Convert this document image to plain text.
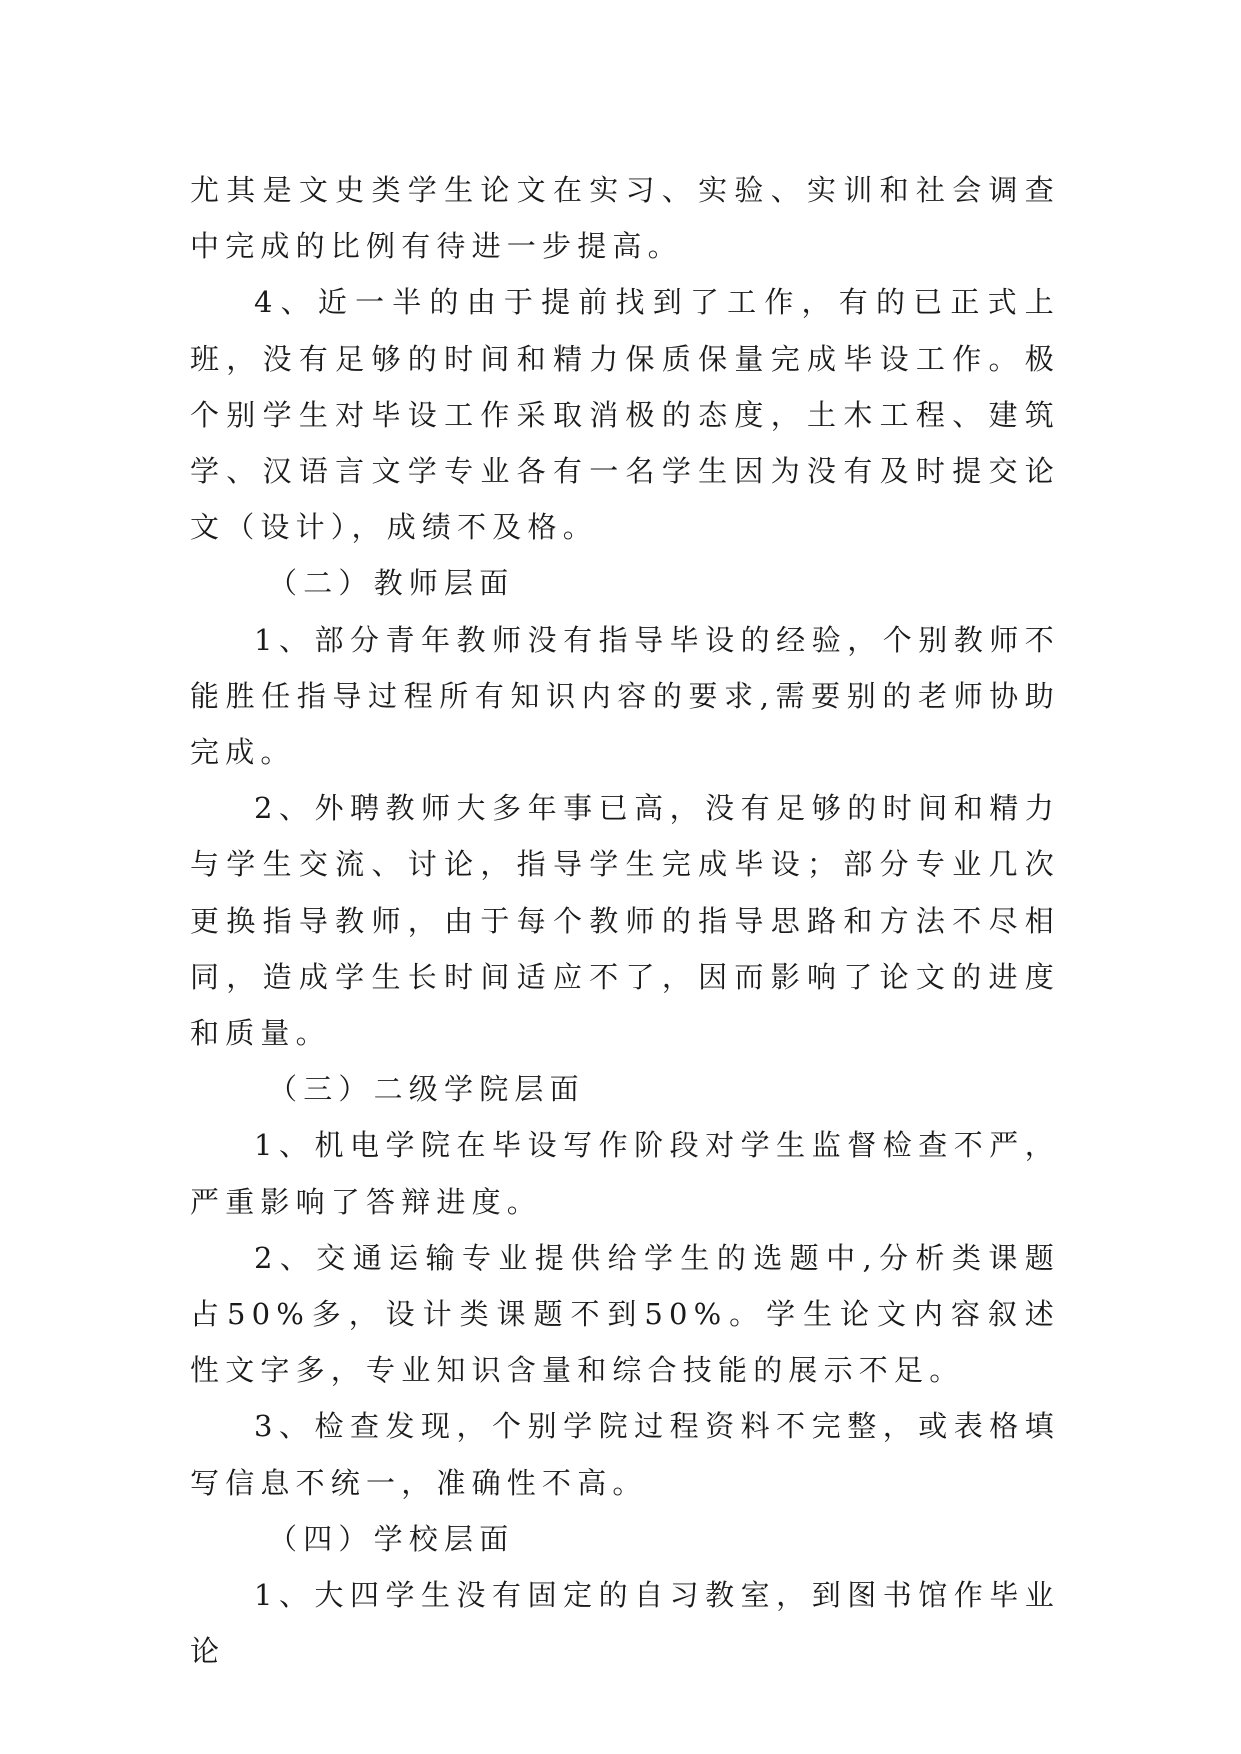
尤其是文史类学生论文在实习、实验、实训和社会调查中完成的比例有待进一步提高。

4、近一半的由于提前找到了工作，有的已正式上班，没有足够的时间和精力保质保量完成毕设工作。极个别学生对毕设工作采取消极的态度，土木工程、建筑学、汉语言文学专业各有一名学生因为没有及时提交论文（设计），成绩不及格。

（二）教师层面

1、部分青年教师没有指导毕设的经验，个别教师不能胜任指导过程所有知识内容的要求,需要别的老师协助完成。

2、外聘教师大多年事已高，没有足够的时间和精力与学生交流、讨论，指导学生完成毕设；部分专业几次更换指导教师，由于每个教师的指导思路和方法不尽相同，造成学生长时间适应不了，因而影响了论文的进度和质量。

（三）二级学院层面

1、机电学院在毕设写作阶段对学生监督检查不严，严重影响了答辩进度。

2、交通运输专业提供给学生的选题中,分析类课题占50%多，设计类课题不到50%。学生论文内容叙述性文字多，专业知识含量和综合技能的展示不足。

3、检查发现，个别学院过程资料不完整，或表格填写信息不统一，准确性不高。

（四）学校层面

1、大四学生没有固定的自习教室，到图书馆作毕业论
